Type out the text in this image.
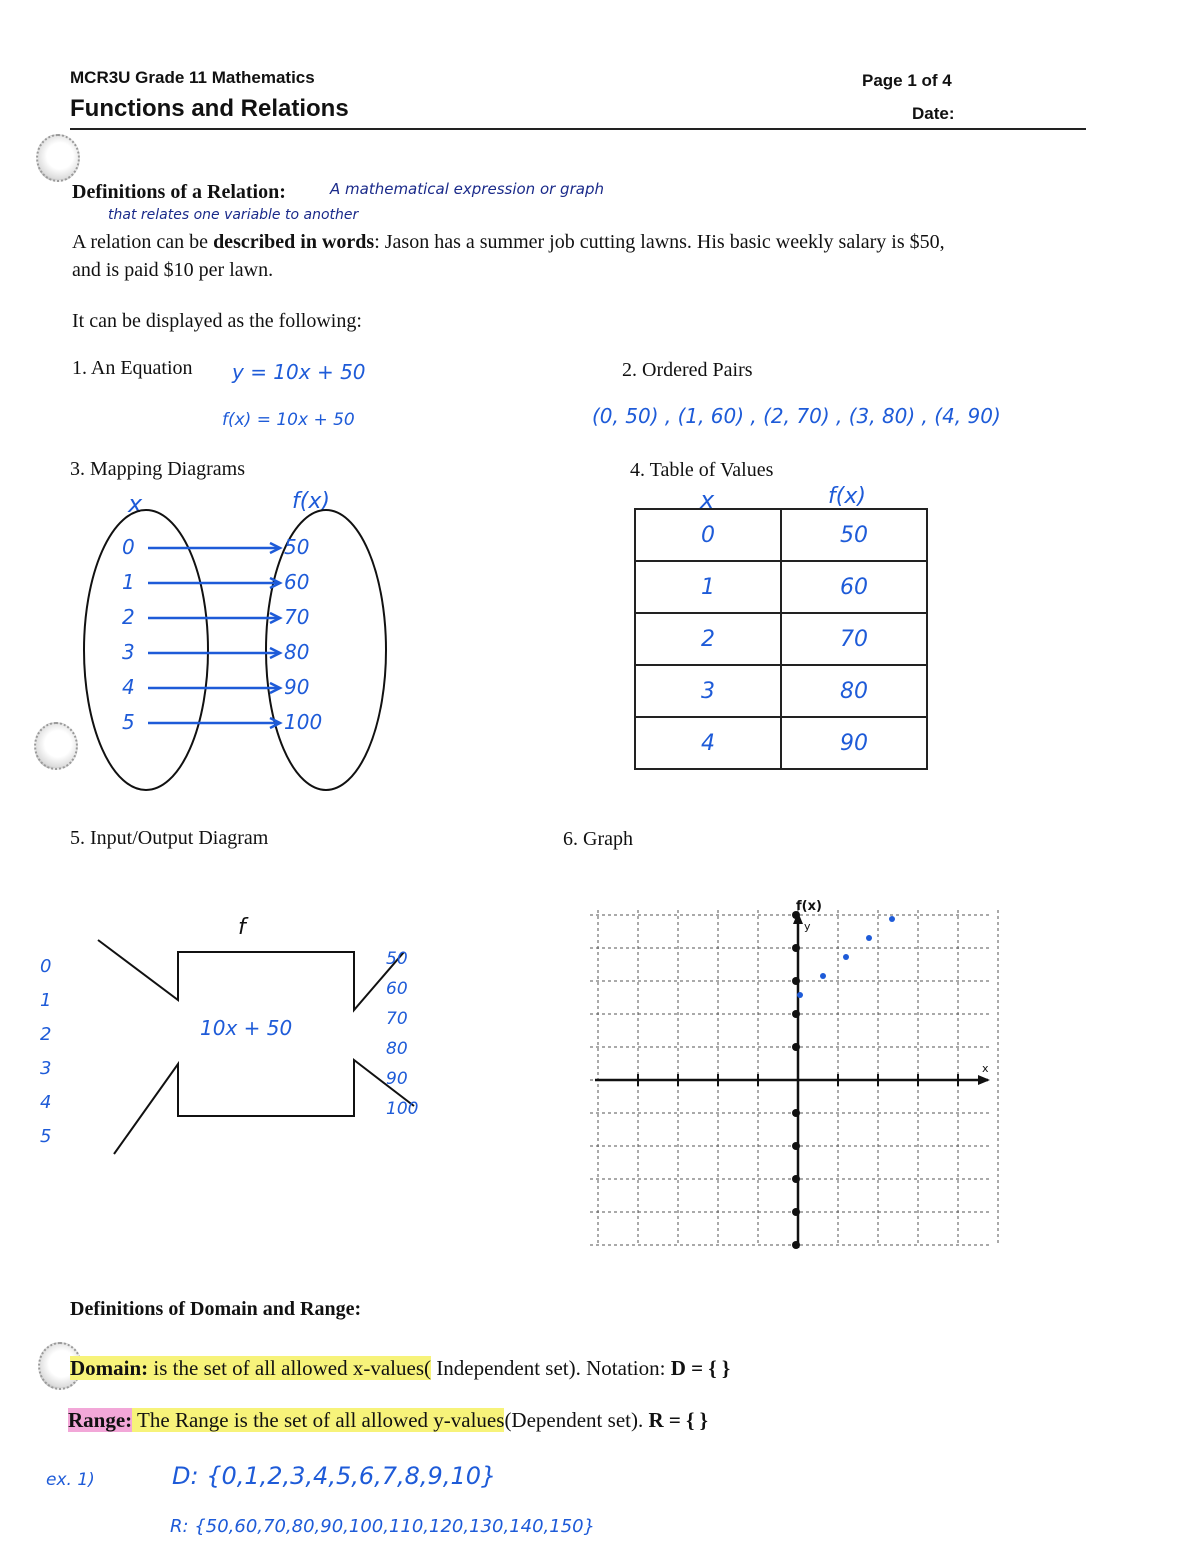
MCR3U Grade 11 Mathematics
Functions and Relations
Page 1 of 4
Date:
Definitions of a Relation:	A mathematical expression or graph
that relates one variable to another
A relation can be described in words: Jason has a summer job cutting lawns. His basic weekly salary is $50,
and is paid $10 per lawn.
It can be displayed as the following:
1. An Equation y = 10x + 50
f(x) = 10x + 50
2. Ordered Pairs
(0, 50) , (1, 60) , (2, 70) , (3, 80) , (4, 90)
3. Mapping Diagrams
x	f(x)
0	50
1	60
2	70
3	80
4	90
5	100
4. Table of Values
x	f(x)
0	50
1	60
2	70
3	80
4	90
5. Input/Output Diagram
f
10x + 50
0
1
2
3
4
5
50
60
70
80
90
100
6. Graph
f(x)
y
x
Definitions of Domain and Range:
Domain: is the set of all allowed x-values( Independent set). Notation: D = { }
Range: The Range is the set of all allowed y-values(Dependent set). R = { }
ex. 1)	D: {0,1,2,3,4,5,6,7,8,9,10}
R: {50,60,70,80,90,100,110,120,130,140,150}
